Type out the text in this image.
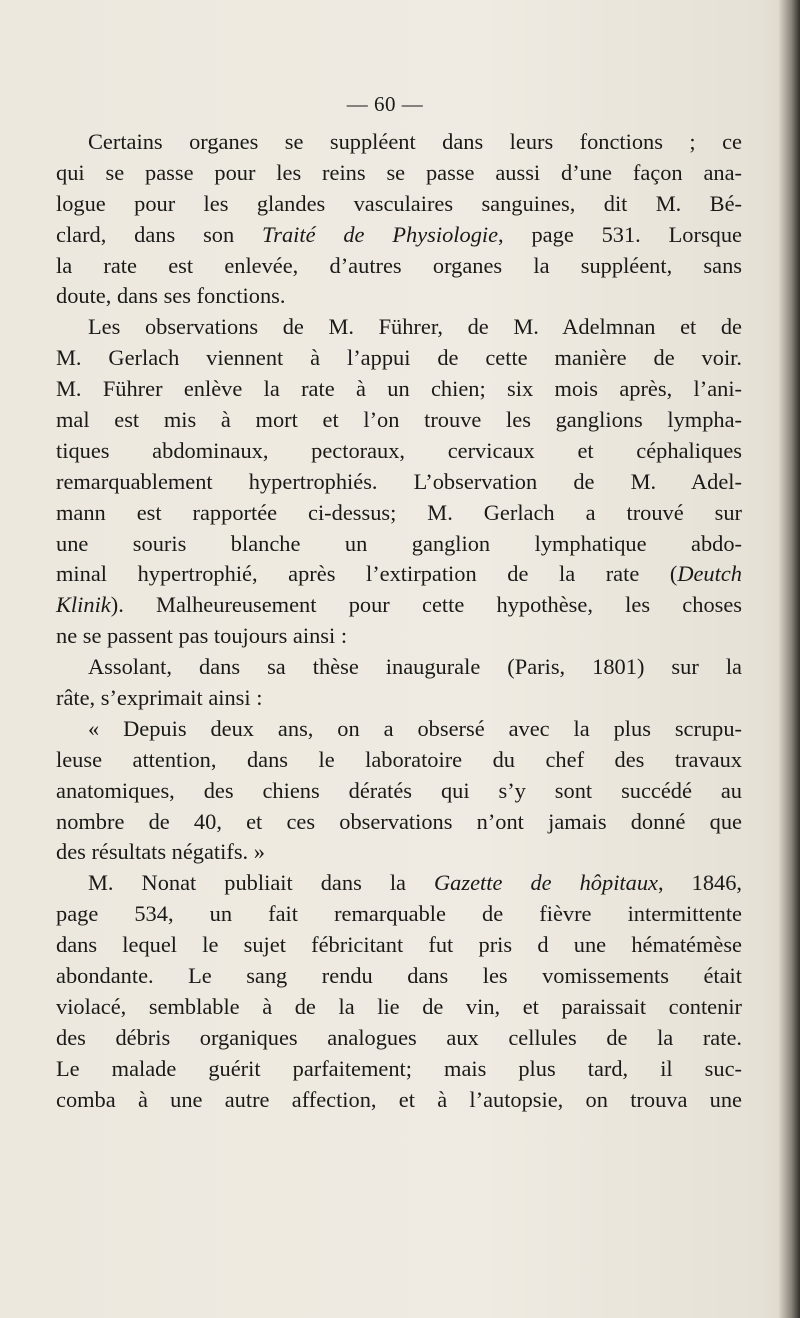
— 60 —
Certains organes se suppléent dans leurs fonctions ; ce
qui se passe pour les reins se passe aussi d’une façon ana-
logue pour les glandes vasculaires sanguines, dit M. Bé-
clard, dans son Traité de Physiologie, page 531. Lorsque
la rate est enlevée, d’autres organes la suppléent, sans
doute, dans ses fonctions.
Les observations de M. Führer, de M. Adelmnan et de
M. Gerlach viennent à l’appui de cette manière de voir.
M. Führer enlève la rate à un chien; six mois après, l’ani-
mal est mis à mort et l’on trouve les ganglions lympha-
tiques abdominaux, pectoraux, cervicaux et céphaliques
remarquablement hypertrophiés. L’observation de M. Adel-
mann est rapportée ci-dessus; M. Gerlach a trouvé sur
une souris blanche un ganglion lymphatique abdo-
minal hypertrophié, après l’extirpation de la rate (Deutch
Klinik). Malheureusement pour cette hypothèse, les choses
ne se passent pas toujours ainsi :
Assolant, dans sa thèse inaugurale (Paris, 1801) sur la
râte, s’exprimait ainsi :
« Depuis deux ans, on a obsersé avec la plus scrupu-
leuse attention, dans le laboratoire du chef des travaux
anatomiques, des chiens dératés qui s’y sont succédé au
nombre de 40, et ces observations n’ont jamais donné que
des résultats négatifs. »
M. Nonat publiait dans la Gazette de hôpitaux, 1846,
page 534, un fait remarquable de fièvre intermittente
dans lequel le sujet fébricitant fut pris d une hématémèse
abondante. Le sang rendu dans les vomissements était
violacé, semblable à de la lie de vin, et paraissait contenir
des débris organiques analogues aux cellules de la rate.
Le malade guérit parfaitement; mais plus tard, il suc-
comba à une autre affection, et à l’autopsie, on trouva une
